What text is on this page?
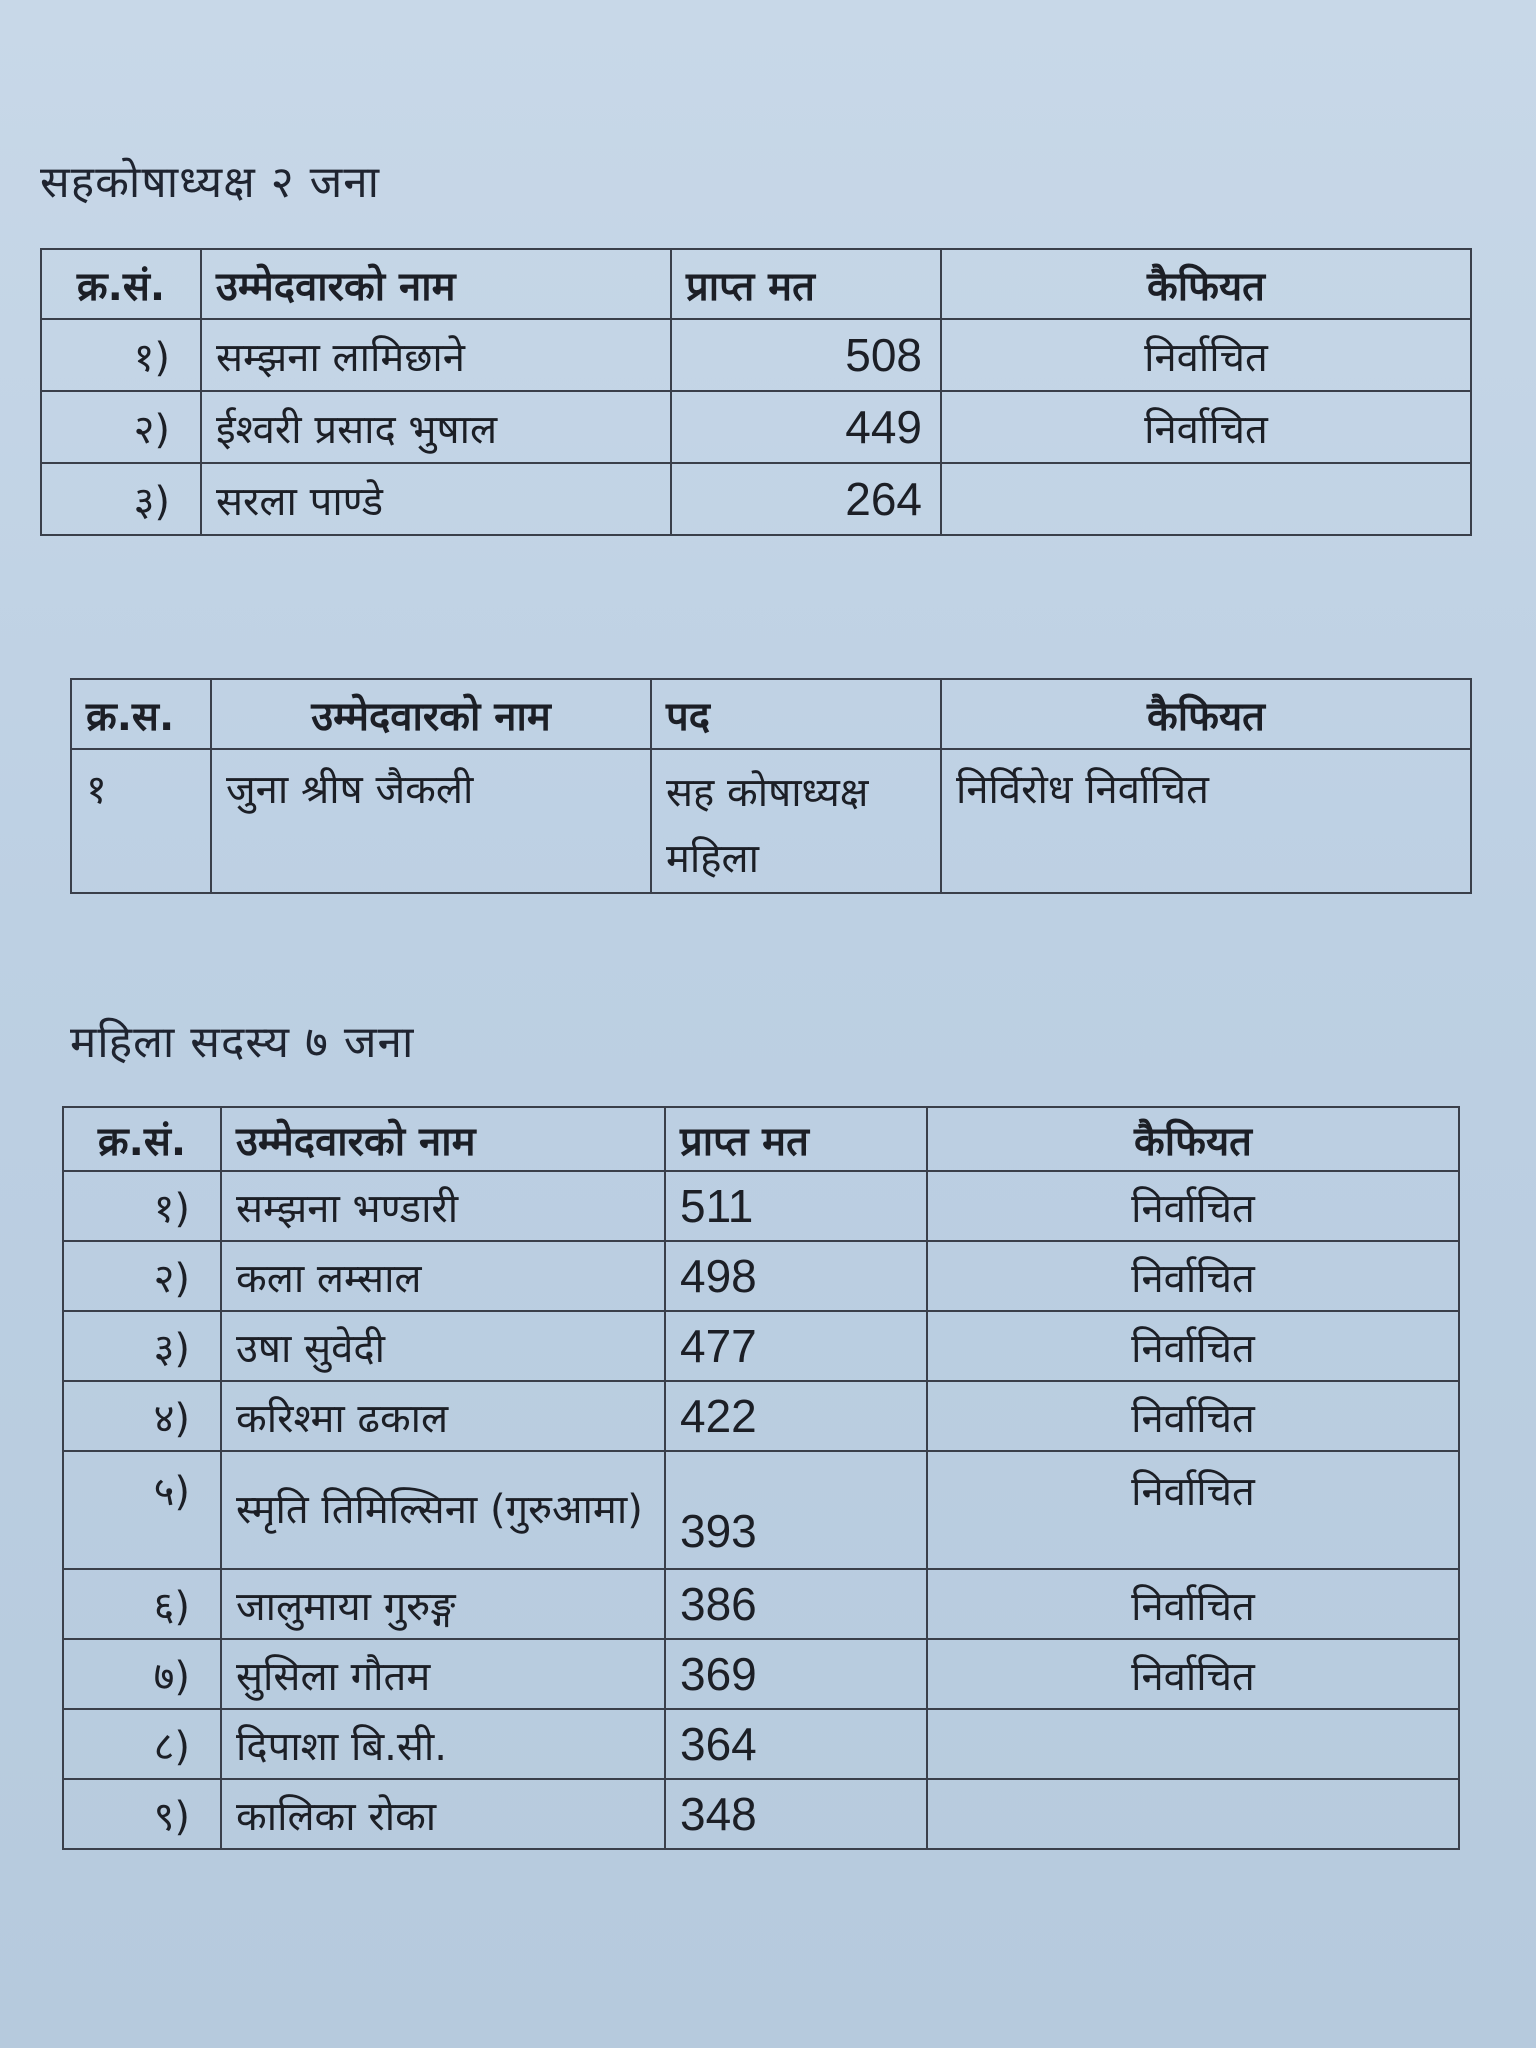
सहकोषाध्यक्ष २ जना
क्र.सं.	उम्मेदवारको नाम	प्राप्त मत	कैफियत
१)	सम्झना लामिछाने	508	निर्वाचित
२)	ईश्वरी प्रसाद भुषाल	449	निर्वाचित
३)	सरला पाण्डे	264	
क्र.स.	उम्मेदवारको नाम	पद	कैफियत
१	जुना श्रीष जैकली	सह कोषाध्यक्ष महिला	निर्विरोध निर्वाचित
महिला सदस्य ७ जना
क्र.सं.	उम्मेदवारको नाम	प्राप्त मत	कैफियत
१)	सम्झना भण्डारी	511	निर्वाचित
२)	कला लम्साल	498	निर्वाचित
३)	उषा सुवेदी	477	निर्वाचित
४)	करिश्मा ढकाल	422	निर्वाचित
५)	स्मृति तिमिल्सिना (गुरुआमा)	393	निर्वाचित
६)	जालुमाया गुरुङ्ग	386	निर्वाचित
७)	सुसिला गौतम	369	निर्वाचित
८)	दिपाशा बि.सी.	364	
९)	कालिका रोका	348	
